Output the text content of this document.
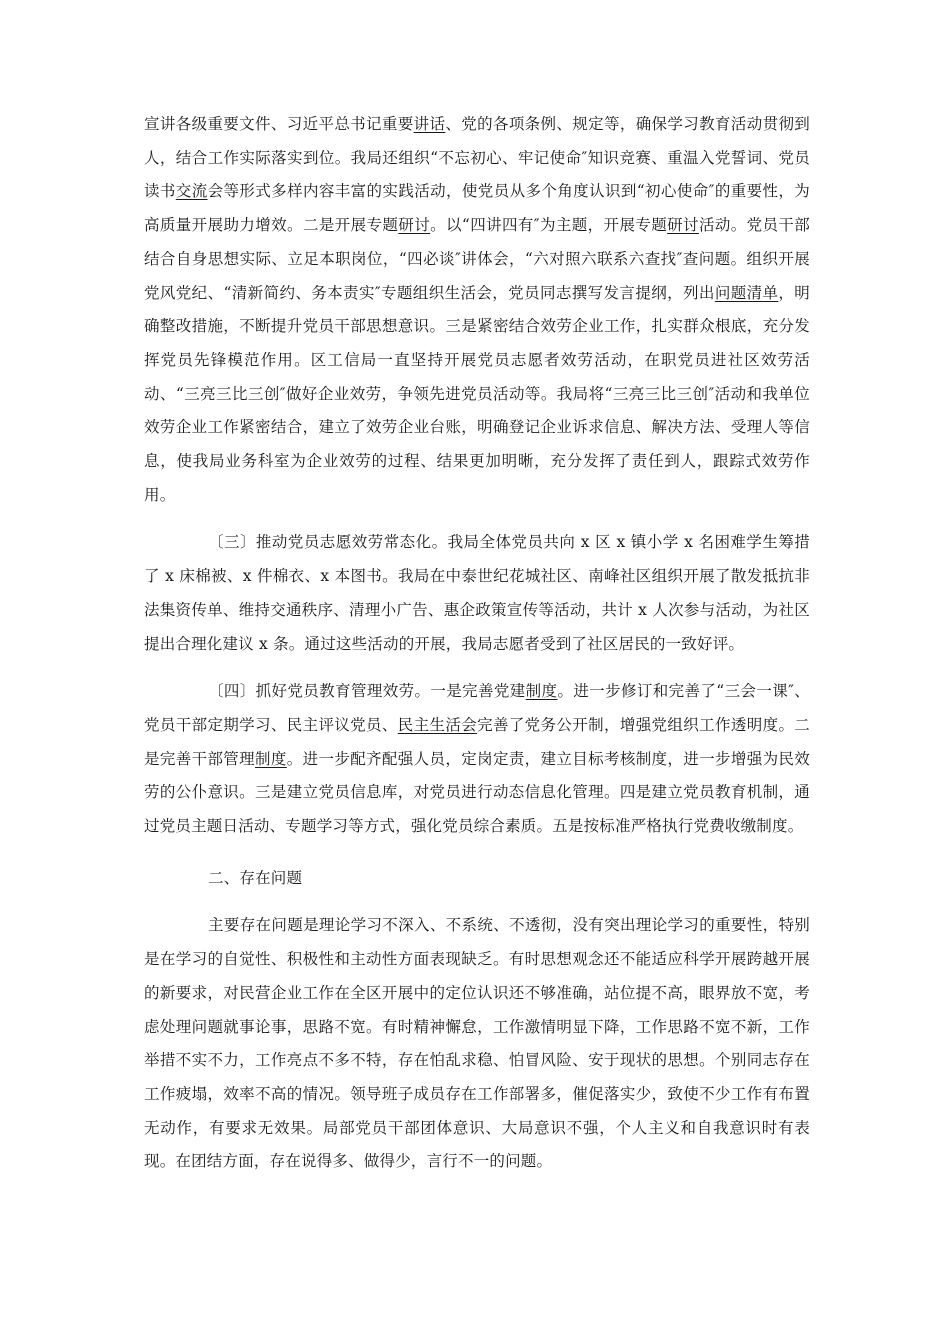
宣讲各级重要文件、习近平总书记重要讲话、党的各项条例、规定等，确保学习教育活动贯彻到人，结合工作实际落实到位。我局还组织“不忘初心、牢记使命″知识竞赛、重温入党誓词、党员读书交流会等形式多样内容丰富的实践活动，使党员从多个角度认识到“初心使命″的重要性，为高质量开展助力增效。二是开展专题研讨。以“四讲四有″为主题，开展专题研讨活动。党员干部结合自身思想实际、立足本职岗位，“四必谈″讲体会，“六对照六联系六查找″查问题。组织开展党风党纪、“清新简约、务本责实″专题组织生活会，党员同志撰写发言提纲，列出问题清单，明确整改措施，不断提升党员干部思想意识。三是紧密结合效劳企业工作，扎实群众根底，充分发挥党员先锋模范作用。区工信局一直坚持开展党员志愿者效劳活动，在职党员进社区效劳活动、“三亮三比三创″做好企业效劳，争领先进党员活动等。我局将“三亮三比三创″活动和我单位效劳企业工作紧密结合，建立了效劳企业台账，明确登记企业诉求信息、解决方法、受理人等信息，使我局业务科室为企业效劳的过程、结果更加明晰，充分发挥了责任到人，跟踪式效劳作用。

〔三〕推动党员志愿效劳常态化。我局全体党员共向 x 区 x 镇小学 x 名困难学生筹措了 x 床棉被、x 件棉衣、x 本图书。我局在中泰世纪花城社区、南峰社区组织开展了散发抵抗非法集资传单、维持交通秩序、清理小广告、惠企政策宣传等活动，共计 x 人次参与活动，为社区提出合理化建议 x 条。通过这些活动的开展，我局志愿者受到了社区居民的一致好评。

〔四〕抓好党员教育管理效劳。一是完善党建制度。进一步修订和完善了“三会一课″、党员干部定期学习、民主评议党员、民主生活会完善了党务公开制，增强党组织工作透明度。二是完善干部管理制度。进一步配齐配强人员，定岗定责，建立目标考核制度，进一步增强为民效劳的公仆意识。三是建立党员信息库，对党员进行动态信息化管理。四是建立党员教育机制，通过党员主题日活动、专题学习等方式，强化党员综合素质。五是按标准严格执行党费收缴制度。

二、存在问题

主要存在问题是理论学习不深入、不系统、不透彻，没有突出理论学习的重要性，特别是在学习的自觉性、积极性和主动性方面表现缺乏。有时思想观念还不能适应科学开展跨越开展的新要求，对民营企业工作在全区开展中的定位认识还不够准确，站位提不高，眼界放不宽，考虑处理问题就事论事，思路不宽。有时精神懈怠，工作激情明显下降，工作思路不宽不新，工作举措不实不力，工作亮点不多不特，存在怕乱求稳、怕冒风险、安于现状的思想。个别同志存在工作疲塌，效率不高的情况。领导班子成员存在工作部署多，催促落实少，致使不少工作有布置无动作，有要求无效果。局部党员干部团体意识、大局意识不强，个人主义和自我意识时有表现。在团结方面，存在说得多、做得少，言行不一的问题。
